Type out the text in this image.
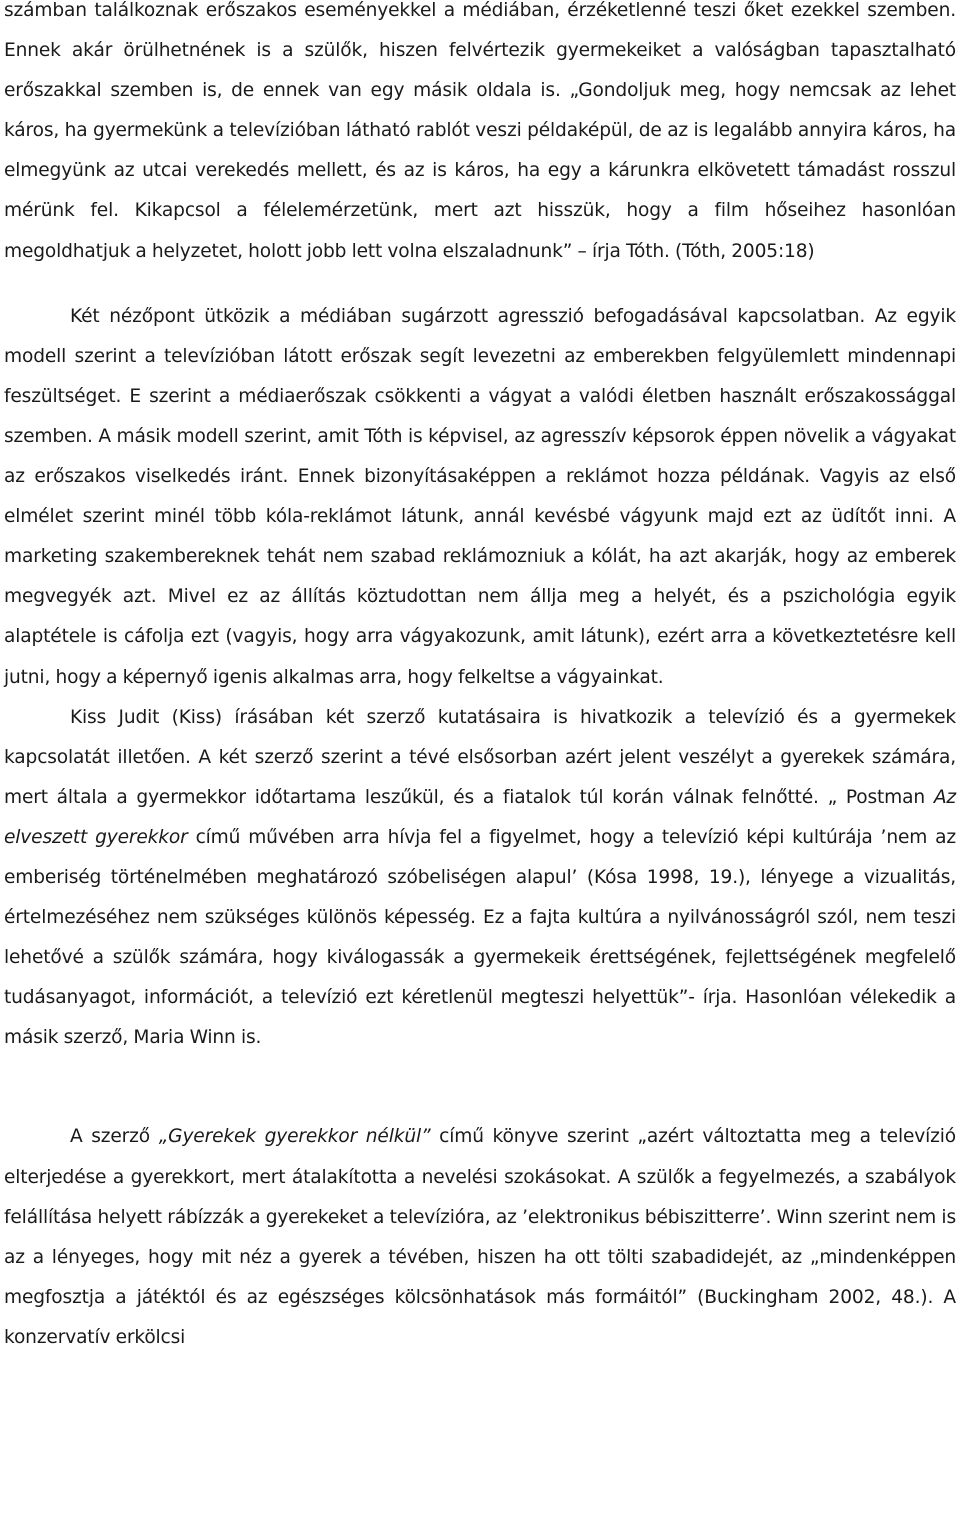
számban találkoznak erőszakos eseményekkel a médiában, érzéketlenné teszi őket ezekkel szemben. Ennek akár örülhetnének is a szülők, hiszen felvértezik gyermekeiket a valóságban tapasztalható erőszakkal szemben is, de ennek van egy másik oldala is. „Gondoljuk meg, hogy nemcsak az lehet káros, ha gyermekünk a televízióban látható rablót veszi példaképül, de az is legalább annyira káros, ha elmegyünk az utcai verekedés mellett, és az is káros, ha egy a kárunkra elkövetett támadást rosszul mérünk fel. Kikapcsol a félelemérzetünk, mert azt hisszük, hogy a film hőseihez hasonlóan megoldhatjuk a helyzetet, holott jobb lett volna elszaladnunk” – írja Tóth. (Tóth, 2005:18)

Két nézőpont ütközik a médiában sugárzott agresszió befogadásával kapcsolatban. Az egyik modell szerint a televízióban látott erőszak segít levezetni az emberekben felgyülemlett mindennapi feszültséget. E szerint a médiaerőszak csökkenti a vágyat a valódi életben használt erőszakossággal szemben. A másik modell szerint, amit Tóth is képvisel, az agresszív képsorok éppen növelik a vágyakat az erőszakos viselkedés iránt. Ennek bizonyításaképpen a reklámot hozza példának. Vagyis az első elmélet szerint minél több kóla-reklámot látunk, annál kevésbé vágyunk majd ezt az üdítőt inni. A marketing szakembereknek tehát nem szabad reklámozniuk a kólát, ha azt akarják, hogy az emberek megvegyék azt. Mivel ez az állítás köztudottan nem állja meg a helyét, és a pszichológia egyik alaptétele is cáfolja ezt (vagyis, hogy arra vágyakozunk, amit látunk), ezért arra a következtetésre kell jutni, hogy a képernyő igenis alkalmas arra, hogy felkeltse a vágyainkat.

Kiss Judit (Kiss) írásában két szerző kutatásaira is hivatkozik a televízió és a gyermekek kapcsolatát illetően. A két szerző szerint a tévé elsősorban azért jelent veszélyt a gyerekek számára, mert általa a gyermekkor időtartama leszűkül, és a fiatalok túl korán válnak felnőtté. „ Postman Az elveszett gyerekkor című művében arra hívja fel a figyelmet, hogy a televízió képi kultúrája ’nem az emberiség történelmében meghatározó szóbeliségen alapul’ (Kósa 1998, 19.), lényege a vizualitás, értelmezéséhez nem szükséges különös képesség. Ez a fajta kultúra a nyilvánosságról szól, nem teszi lehetővé a szülők számára, hogy kiválogassák a gyermekeik érettségének, fejlettségének megfelelő tudásanyagot, információt, a televízió ezt kéretlenül megteszi helyettük”- írja. Hasonlóan vélekedik a másik szerző, Maria Winn is.

A szerző „Gyerekek gyerekkor nélkül” című könyve szerint „azért változtatta meg a televízió elterjedése a gyerekkort, mert átalakította a nevelési szokásokat. A szülők a fegyelmezés, a szabályok felállítása helyett rábízzák a gyerekeket a televízióra, az ’elektronikus bébiszitterre’. Winn szerint nem is az a lényeges, hogy mit néz a gyerek a tévében, hiszen ha ott tölti szabadidejét, az „mindenképpen megfosztja a játéktól és az egészséges kölcsönhatások más formáitól” (Buckingham 2002, 48.). A konzervatív erkölcsi
